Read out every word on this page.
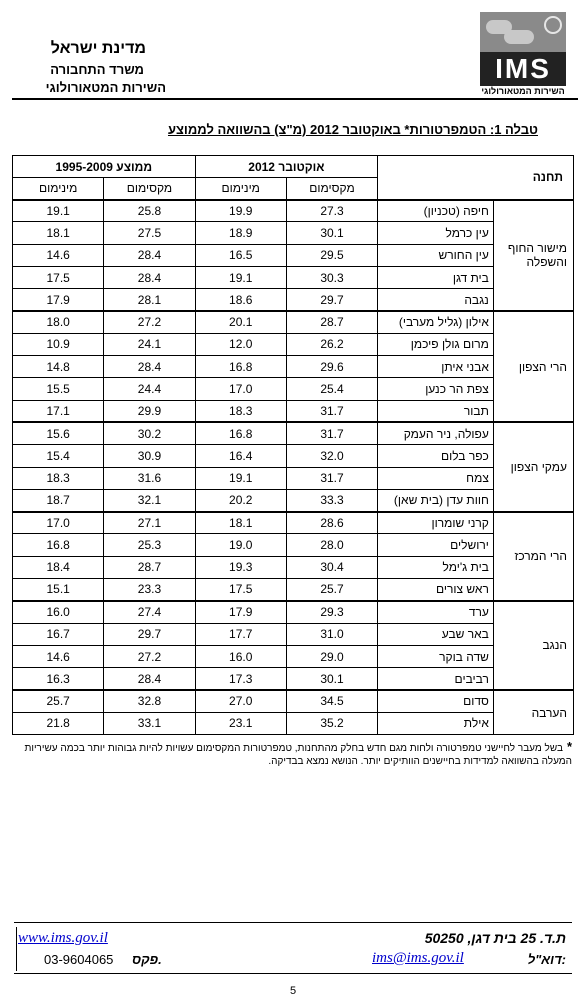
IMS
השירות המטאורולוגי
מדינת ישראל
משרד התחבורה
השירות המטאורולוגי
טבלה 1: הטמפרטורות* באוקטובר 2012 (מ"צ) בהשוואה לממוצע
תחנה		אוקטובר 2012		ממוצע 1995-2009	
		מקסימום	מינימום	מקסימום	מינימום
מישור החוף והשפלה	חיפה (טכניון)	27.3	19.9	25.8	19.1
	עין כרמל	30.1	18.9	27.5	18.1
	עין החורש	29.5	16.5	28.4	14.6
	בית דגן	30.3	19.1	28.4	17.5
	נגבה	29.7	18.6	28.1	17.9
הרי הצפון	אילון (גליל מערבי)	28.7	20.1	27.2	18.0
	מרום גולן פיכמן	26.2	12.0	24.1	10.9
	אבני איתן	29.6	16.8	28.4	14.8
	צפת הר כנען	25.4	17.0	24.4	15.5
	תבור	31.7	18.3	29.9	17.1
עמקי הצפון	עפולה, ניר העמק	31.7	16.8	30.2	15.6
	כפר בלום	32.0	16.4	30.9	15.4
	צמח	31.7	19.1	31.6	18.3
	חוות עדן (בית שאן)	33.3	20.2	32.1	18.7
הרי המרכז	קרני שומרון	28.6	18.1	27.1	17.0
	ירושלים	28.0	19.0	25.3	16.8
	בית ג'ימל	30.4	19.3	28.7	18.4
	ראש צורים	25.7	17.5	23.3	15.1
הנגב	ערד	29.3	17.9	27.4	16.0
	באר שבע	31.0	17.7	29.7	16.7
	שדה בוקר	29.0	16.0	27.2	14.6
	רביבים	30.1	17.3	28.4	16.3
הערבה	סדום	34.5	27.0	32.8	25.7
	אילת	35.2	23.1	33.1	21.8
*בשל מעבר לחיישני טמפרטורה ולחות מגם חדש בחלק מהתחנות, טמפרטורות המקסימום עשויות להיות גבוהות יותר בכמה עשיריות המעלה בהשוואה למדידות בחיישנים הוותיקים יותר. הנושא נמצא בבדיקה.
www.ims.gov.il	ת.ד. 25 בית דגן, 50250
03-9604065 פקס.	ims@ims.gov.il	דוא"ל:
5
